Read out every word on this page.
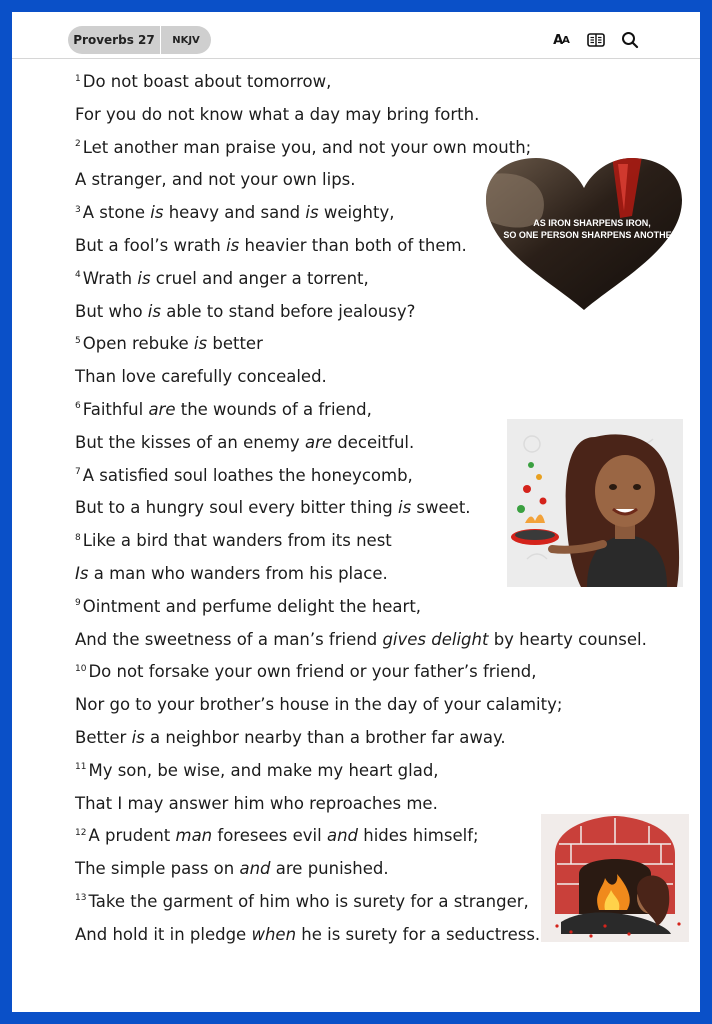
Proverbs 27 NKJV	A A
$^1$ Do not boast about tomorrow,
For you do not know what a day may bring forth.
$^2$ Let another man praise you, and not your own mouth;
A stranger, and not your own lips.
$^3$ A stone is heavy and sand is weighty,
But a fool’s wrath is heavier than both of them.
$^4$ Wrath is cruel and anger a torrent,
But who is able to stand before jealousy?
$^5$ Open rebuke is better
Than love carefully concealed.
$^6$ Faithful are the wounds of a friend,
But the kisses of an enemy are deceitful.
$^7$ A satisfied soul loathes the honeycomb,
But to a hungry soul every bitter thing is sweet.
$^8$ Like a bird that wanders from its nest
Is a man who wanders from his place.
$^9$ Ointment and perfume delight the heart,
And the sweetness of a man’s friend gives delight by hearty counsel.
$^{10}$ Do not forsake your own friend or your father’s friend,
Nor go to your brother’s house in the day of your calamity;
Better is a neighbor nearby than a brother far away.
$^{11}$ My son, be wise, and make my heart glad,
That I may answer him who reproaches me.
$^{12}$ A prudent man foresees evil and hides himself;
The simple pass on and are punished.
$^{13}$ Take the garment of him who is surety for a stranger,
And hold it in pledge when he is surety for a seductress.
AS IRON SHARPENS IRON,
SO ONE PERSON SHARPENS ANOTHER.
